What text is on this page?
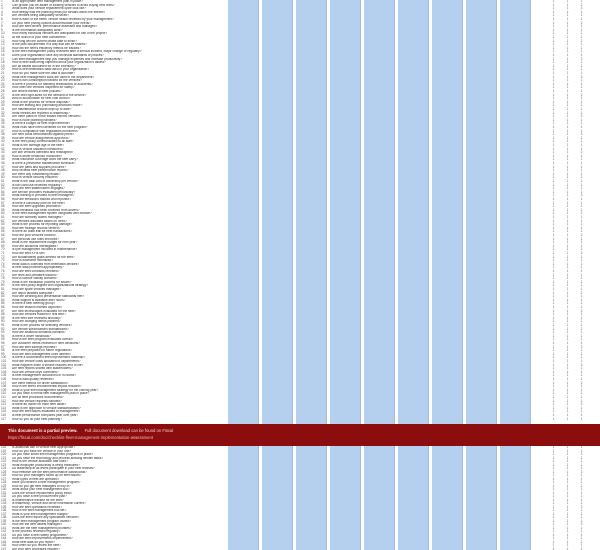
1	Is an appropriate fleet management plan in place?	1	1	1
2	Can growth you be aware of existing vehicles to avoid buying new ones?	1	1	2
3	What does your vehicle replacement cycle look like?	1	1	3
4	How deeply was the planning effort put forward within the stream?	1	1	1
5	Are vehicles being adequately serviced?	1	1	1
6	How is each of the fleets' vehicle health reviewed by your management?	1	1	1
7	Do your fleet pricing options accommodate your needs?	1	1	2
8	How are fleet drivers' performance assessed and managed?	1	1	1
9	Is the information adequately clear?	1	1	1
10	How many individual vehicles are anticipated for use of the project?	1	1	1
11	At the launch of your fleet considered?	1	1	1
12	How long will the current phase take to finish?	1	1	2
13	Is the plan documented in a way that can be shared?	1	1	1
14	How will the fleet's efficiency metrics be tracked?	1	1	1
15	Is the fleet management policy reviewed after a serious incident, major change or regularly?	1	1	1
16	Does your organization have any technical standards or policies?	1	1	1
17	Can fleet management help you manage expenses and increase productivity?	1	1	2
18	How is fleet data being captured about your organization's assets?	1	1	1
19	Are all assets accounted for in the inventory?	1	1	1
20	How is fleet telematics data used in your organization?	1	1	1
21	How do you make sure the data is accurate?	1	1	1
22	What fleet management tools are used in the department?	1	1	3
23	How is fuel consumption tracked for the vehicles?	1	1	1
24	Is there a process for handling breakdowns or accidents?	1	1	1
25	How often are vehicles inspected for safety?	1	1	1
26	Are drivers trained in fleet policies?	1	1	1
27	Is the fleet right-sized for the demand of the service?	1	1	2
28	Who is accountable for fleet cost control?	1	1	1
29	What is the process for vehicle disposal?	1	1	1
30	How are leasing and purchasing decisions made?	1	1	1
31	Are maintenance records kept up to date?	1	1	1
32	What metrics are reported to leadership?	1	1	1
33	Are there plans to move toward electric vehicles?	1	1	2
34	How is route planning handled?	1	1	1
35	Is there a budget for fleet improvements?	1	1	1
36	What risks have been identified for the fleet program?	1	1	1
37	How is compliance with regulations monitored?	1	1	1
38	Are fleet costs benchmarked against peers?	1	1	3
39	How are vehicle assignments approved?	1	1	1
40	Is the fleet policy communicated to all staff?	1	1	1
41	What is the average age of the fleet?	1	1	1
42	How is vehicle utilization measured?	1	1	1
43	Are idle vehicles identified and reassigned?	1	1	2
44	How is driver behaviour monitored?	1	1	1
45	What insurance coverage does the fleet carry?	1	1	1
46	Is there a preventive maintenance schedule?	1	1	1
47	How are parts and supplies procured?	1	1	1
48	Who reviews fleet performance reports?	1	1	1
49	Are there any outstanding recalls?	1	1	1
50	How is vehicle security ensured?	1	1	2
51	What is the total cost of ownership per vehicle?	1	1	1
52	Is fuel card use reviewed regularly?	1	1	1
53	How are fleet stakeholders engaged?	1	1	1
54	Are service providers evaluated periodically?	1	1	1
55	What training is provided to fleet managers?	1	1	3
56	How are emissions tracked and reported?	1	1	1
57	Is there a continuity plan for the fleet?	1	1	1
58	How are fleet upgrades prioritized?	1	1	1
59	What feedback has been received from drivers?	1	1	1
60	Is the fleet management system integrated with finance?	1	1	2
61	How are warranty claims managed?	1	1	1
62	Are vehicles allocated based on need?	1	1	1
63	What is the process for reporting damage?	1	1	1
64	How are mileage records verified?	1	1	1
65	Is there an audit trail for fleet transactions?	1	1	1
66	How are pool vehicles booked?	1	1	2
67	Are personal use rules enforced?	1	1	1
68	What is the replacement budget for next year?	1	1	1
69	How are accidents investigated?	1	1	1
70	Is tyre management included in maintenance?	1	1	1
71	How are fleet KPIs set?	1	1	3
72	Are sustainability goals defined for the fleet?	1	1	1
73	How is downtime minimized?	1	1	1
74	What data is collected from telematics devices?	1	1	1
75	Is fleet data protected appropriately?	1	1	1
76	How are fleet contracts renewed?	1	1	2
77	Are fines and penalties tracked?	1	1	1
78	How is licence validity checked?	1	1	1
79	What is the escalation process for issues?	1	1	1
80	Is the fleet policy aligned with organizational strategy?	1	1	1
81	How are spare vehicles managed?	1	1	1
82	Are depot facilities adequate?	1	1	2
83	How are cleaning and presentation standards met?	1	1	1
84	What support is available after hours?	1	1	1
85	Is there a fleet steering group?	1	1	1
86	How are lessons learned captured?	1	1	1
87	Are new technologies evaluated for the fleet?	1	1	3
88	How are vehicles tracked in real time?	1	1	1
89	Is the fleet size reviewed annually?	1	1	1
90	How are charging needs planned?	1	1	1
91	What is the process for selecting vendors?	1	1	1
92	Are vehicle specifications standardized?	1	1	2
93	How are seasonal demands handled?	1	1	1
94	Is there a driver handbook?	1	1	1
95	How is the fleet program evaluated overall?	1	1	1
96	Are customer needs reflected in fleet decisions?	1	1	1
97	How are fleet savings reported?	1	1	2
98	Is the fleet prepared for future regulations?	1	1	1
99	How are fleet management roles defined?	1	1	1
100	Is there a documented fleet improvement roadmap?	1	1	1
101	How are vehicle costs allocated to departments?	1	1	1
102	What happens when a vehicle reaches end of life?	1	1	3
103	Are fleet reports shared with stakeholders?	1	1	1
104	How are vehicle keys controlled?	1	1	1
105	Is fleet management outsourced or in-house?	1	1	1
106	How is data quality reviewed?	1	1	1
107	Are there metrics for driver satisfaction?	1	1	2
108	How is the fleet's environmental impact reduced?	1	1	1
109	What is your fleet management strategy for the coming year?	1	1	1
110	Do you have a formal fleet management plan in place?	1	1	1
111	Are all fleet processes documented?	1	1	1
112	How are vehicle requests handled?	1	1	1
113	Is there an owner for each fleet asset?	1	1	2
114	What is the approach to vehicle standardization?	1	1	1
115	How are fleet issues escalated to management?	1	1	1
116	Is fleet performance compared year over year?	1	1	1
117	How do you do your fleet planning?	1	1	1
This document is a partial preview. Full document download can be found on Fiscal
https://fiscal.com/doc/checklist-fleet-management-implementation-assessment
118	Is additional use of vehicle fleet appropriate?	1	1	1
119	How do you track the vehicle in your unit?	1	1	1
120	Do you have smart fleet management programs in place?	1	1	2
121	Do you have the technology and process allowing flexible tasks?	1	1	1
122	How is the vehicle allocation rate used?	1	1	1
123	What employee productivity is being measured?	1	1	1
124	Do leadership at all levels participate in your fleet reviews?	1	1	1
125	How effective are the fleet performance dashboards?	1	1	3
126	How do your managers follow up on fleet issues?	1	1	1
127	What types of fleet are operated?	1	1	1
128	Have you defined a fleet management program?	1	1	1
129	How do you get fleet managers to buy in?	1	1	2
130	What about your fleet management tool?	1	1	1
131	Does the vehicle replacement policy exist?	1	1	1
132	Do you have a fleet procurement plan?	1	1	1
133	Is maintenance tracked for the fleet?	1	1	1
134	Is leasership, vehicle and driver information current?	1	1	1
135	How are fleet operations reviewed?	1	1	2
136	How is the fleet management tool set?	1	1	1
137	What is your fleet management budget?	1	1	1
138	Does the fleet require any specialised vehicles?	1	1	1
139	Is the fleet management program owned?	1	1	1
140	How are the fleet assets managed?	1	1	3
141	What are the fleet management priorities?	1	1	1
142	Is the process reviewed regularly?	1	1	1
143	Do you have a fleet safety programme?	1	1	1
144	How are fleet improvements implemented?	1	1	1
145	What fleet data do you report?	1	1	2
146	How often do you review the fleet?	1	1	1
147	Are your fleet processes efficient?	1	1	1
